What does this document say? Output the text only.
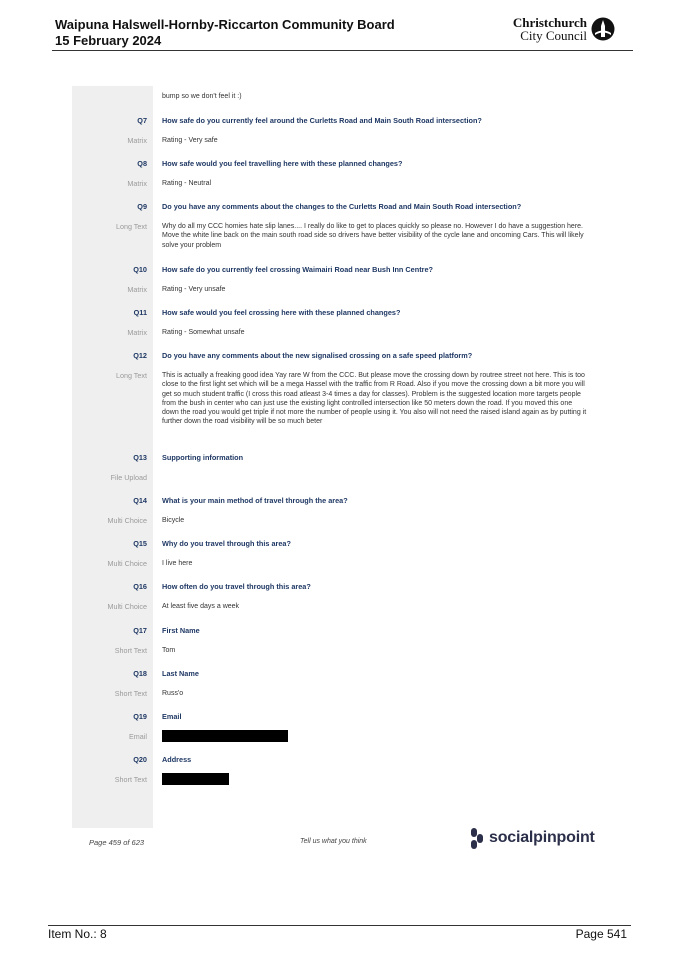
Waipuna Halswell-Hornby-Riccarton Community Board
15 February 2024
Christchurch
City Council
bump so we don't feel it :)
Q7 How safe do you currently feel around the Curletts Road and Main South Road intersection?
Matrix Rating - Very safe
Q8 How safe would you feel travelling here with these planned changes?
Matrix Rating - Neutral
Q9 Do you have any comments about the changes to the Curletts Road and Main South Road intersection?
Long Text Why do all my CCC homies hate slip lanes.... I really do like to get to places quickly so please no. However I do have a suggestion here. Move the white line back on the main south road side so drivers have better visibility of the cycle lane and oncoming Cars. This will likely solve your problem
Q10 How safe do you currently feel crossing Waimairi Road near Bush Inn Centre?
Matrix Rating - Very unsafe
Q11 How safe would you feel crossing here with these planned changes?
Matrix Rating - Somewhat unsafe
Q12 Do you have any comments about the new signalised crossing on a safe speed platform?
Long Text This is actually a freaking good idea Yay rare W from the CCC. But please move the crossing down by routree street not here. This is too close to the first light set which will be a mega Hassel with the traffic from R Road. Also if you move the crossing down a bit more you will get so much student traffic (I cross this road atleast 3-4 times a day for classes). Problem is the suggested location more targets people from the bush in center who can just use the existing light controlled intersection like 50 meters down the road. If you moved this one down the road you would get triple if not more the number of people using it. You also will not need the raised island again as by putting it further down the road visibility will be so much beter
Q13 Supporting information
File Upload
Q14 What is your main method of travel through the area?
Multi Choice Bicycle
Q15 Why do you travel through this area?
Multi Choice I live here
Q16 How often do you travel through this area?
Multi Choice At least five days a week
Q17 First Name
Short Text Tom
Q18 Last Name
Short Text Russ'o
Q19 Email
Email
Q20 Address
Short Text
Page 459 of 623	Tell us what you think	socialpinpoint
Item No.: 8	Page 541
